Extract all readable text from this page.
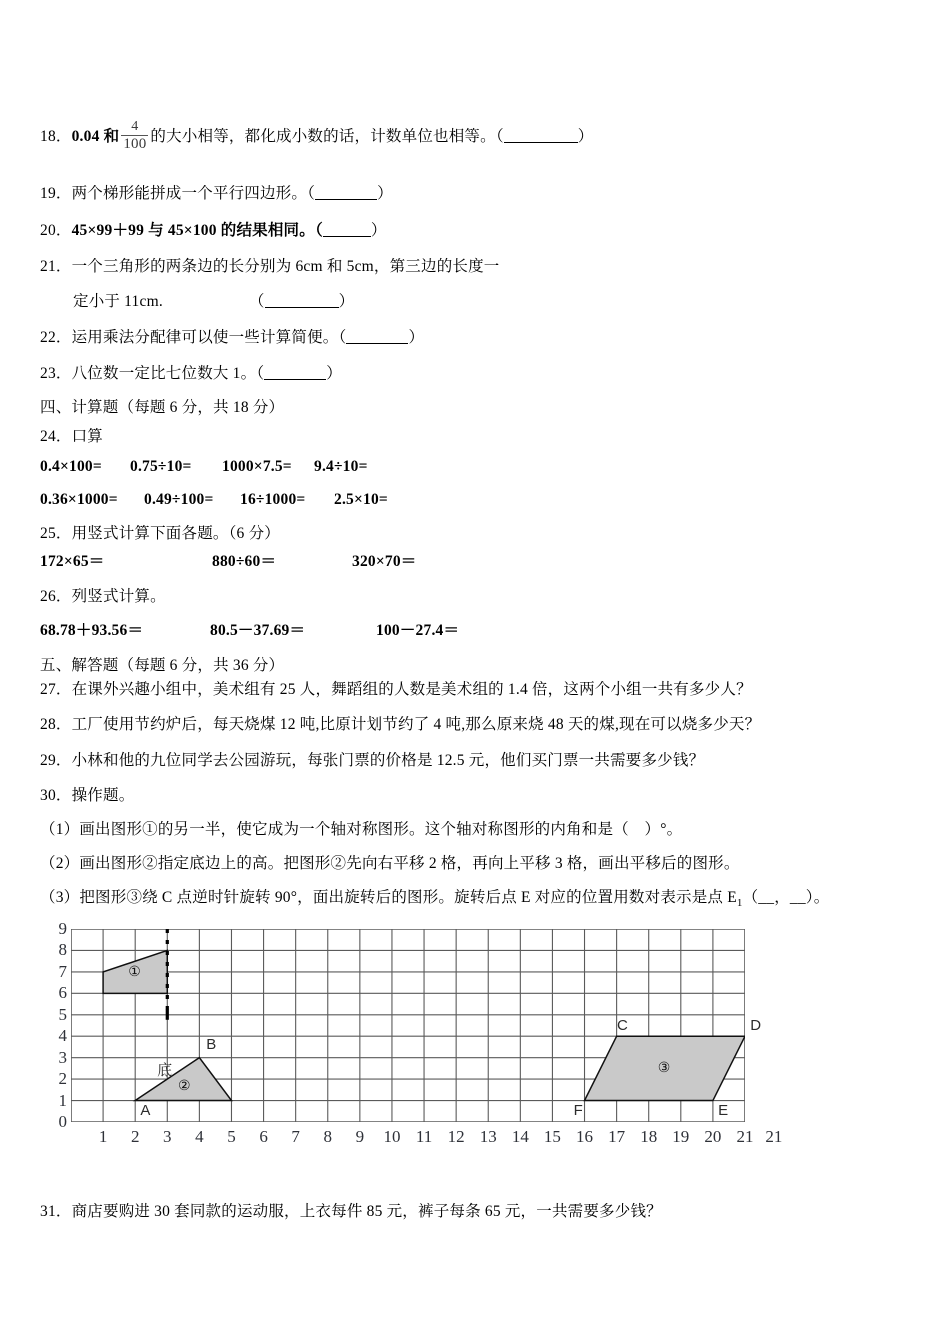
18．0.04 和 $\frac{4}{100}$ 的大小相等，都化成小数的话，计数单位也相等。（	）
19．两个梯形能拼成一个平行四边形。（	）
20．45×99＋99 与 45×100 的结果相同。（	）
21．一个三角形的两条边的长分别为 6cm 和 5cm，第三边的长度一
定小于 11cm.	（	）
22．运用乘法分配律可以使一些计算简便。（	）
23．八位数一定比七位数大 1。（	）
四、计算题（每题 6 分，共 18 分）
24．口算
0.4×100= 0.75÷10= 1000×7.5= 9.4÷10=
0.36×1000= 0.49÷100= 16÷1000= 2.5×10=
25．用竖式计算下面各题。（6 分）
172×65＝	880÷60＝	320×70＝
26．列竖式计算。
68.78＋93.56＝	80.5－37.69＝	100－27.4＝
五、解答题（每题 6 分，共 36 分）
27．在课外兴趣小组中，美术组有 25 人，舞蹈组的人数是美术组的 1.4 倍，这两个小组一共有多少人？
28．工厂使用节约炉后，每天烧煤 12 吨,比原计划节约了 4 吨,那么原来烧 48 天的煤,现在可以烧多少天？
29．小林和他的九位同学去公园游玩，每张门票的价格是 12.5 元，他们买门票一共需要多少钱？
30．操作题。
（1）画出图形①的另一半，使它成为一个轴对称图形。这个轴对称图形的内角和是（　）°。
（2）画出图形②指定底边上的高。把图形②先向右平移 2 格，再向上平移 3 格，画出平移后的图形。
（3）把图形③绕 C 点逆时针旋转 90°，面出旋转后的图形。旋转后点 E 对应的位置用数对表示是点 $E_1(\_\_$，__）。
0
1
2
3
4
5
6
7
8
9
1	2	3	4	5	6	7	8	9	10 11 12 13 14 15 16 17 18 19 20 21 21
A
B
C	D
E
F
底
①
②
③
31．商店要购进 30 套同款的运动服，上衣每件 85 元，裤子每条 65 元，一共需要多少钱？
